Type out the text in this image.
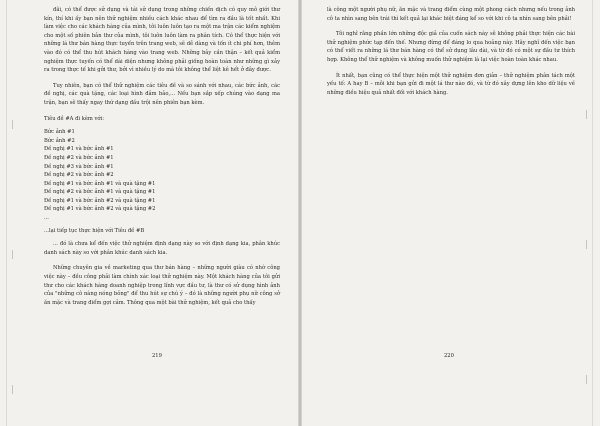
đãi, có thể được sử dụng và tái sử dụng trong những chiến dịch có quy mô giới thư kín, thí khi ấy bạn nên thử nghiệm nhiều cách khác nhau để tìm ra đầu là tốt nhất. Khi làm việc cho các khách hàng của mình, tôi luôn luôn tạo ra một ma trận các kiểm nghiệm cho một số phiên bản thư của mình, tôi luôn luôn làm ra phân tích. Có thể thực hiện với những lá thư bán hàng thực tuyến trên trang web, sẽ dễ dàng và tốn ít chi phí hơn, thêm vào đó có thể thu hút khách hàng vào trang web. Những bảy cần thận – kết quả kiểm nghiệm thực tuyến có thể dài diện nhưng không phải giống hoàn toàn như những gì xảy ra trong thực tế khi gửi thư, bởi vì nhiều lý do mà tôi không thể liệt kê hết ở đây được.

Tuy nhiên, bạn có thể thử nghiệm các tiêu đề và so sánh với nhau, các bức ảnh, các đề nghị, các quà tặng, các loại hình đảm bảo,... Nếu bạn sắp xếp chúng vào dạng ma trận, bạn sẽ thấy ngay thứ dạng đầu trội nên phiên bạn kèm.

Tiêu đề #A đi kèm với:

Bức ảnh #1
Bức ảnh #2
Đề nghị #1 và bức ảnh #1
Đề nghị #2 và bức ảnh #1
Đề nghị #3 và bức ảnh #1
Đề nghị #2 và bức ảnh #2
Đề nghị #1 và bức ảnh #1 và quà tặng #1
Đề nghị #2 và bức ảnh #1 và quà tặng #1
Đề nghị #1 và bức ảnh #2 và quà tặng #1
Đề nghị #1 và bức ảnh #2 và quà tặng #2
...

...lại tiếp tục thực hiện với Tiêu đề #B

... đó là chưa kể đến việc thử nghiệm định dạng này so với định dạng kia, phân khúc danh sách này so với phân khúc danh sách kia.

Những chuyên gia về marketing qua thư bán hàng – những người giàu có nhờ công việc này – đều công phải làm chính xác loại thử nghiệm này. Một khách hàng của tôi gửi thư cho các khách hàng doanh nghiệp trong lĩnh vực đầu tư, là thư có sử dụng hình ảnh của "những cô nàng nóng bỏng" để thu hút sự chú ý – đó là những người phụ nữ công sở ăn mặc và trang điểm gợi cảm. Thông qua một bài thử nghiệm, kết quả cho thấy

219

là công một người phụ nữ, ăn mặc và trang điểm cùng một phong cách nhưng nếu trong ảnh cô ta nhìn sang bên trái thì kết quả lại khác biệt đáng kể so với khi cô ta nhìn sang bên phải!

Tôi nghĩ rằng phần lớn những độc giả của cuốn sách này sẽ không phải thực hiện các bài thử nghiệm phức tạp đến thế. Nhưng đừng để đáng lo qua hoảng này. Hãy nghĩ đến việc bạn có thể viết ra những lá thư bán hàng có thể sử dụng lâu dài, và từ đó có một sự đầu tư thích hợp. Không thể thử nghiệm và không muốn thử nghiệm là lại việc hoàn toàn khác nhau.

Ít nhất, bạn cũng có thể thực hiện một thử nghiệm đơn giản – thử nghiệm phân tách một yếu tố: A hay B – mỗi khi bạn gửi đi một lá thư nào đó, và từ đó xây dựng lên kho dữ liệu về những điều hiệu quả nhất đối với khách hàng.

220
